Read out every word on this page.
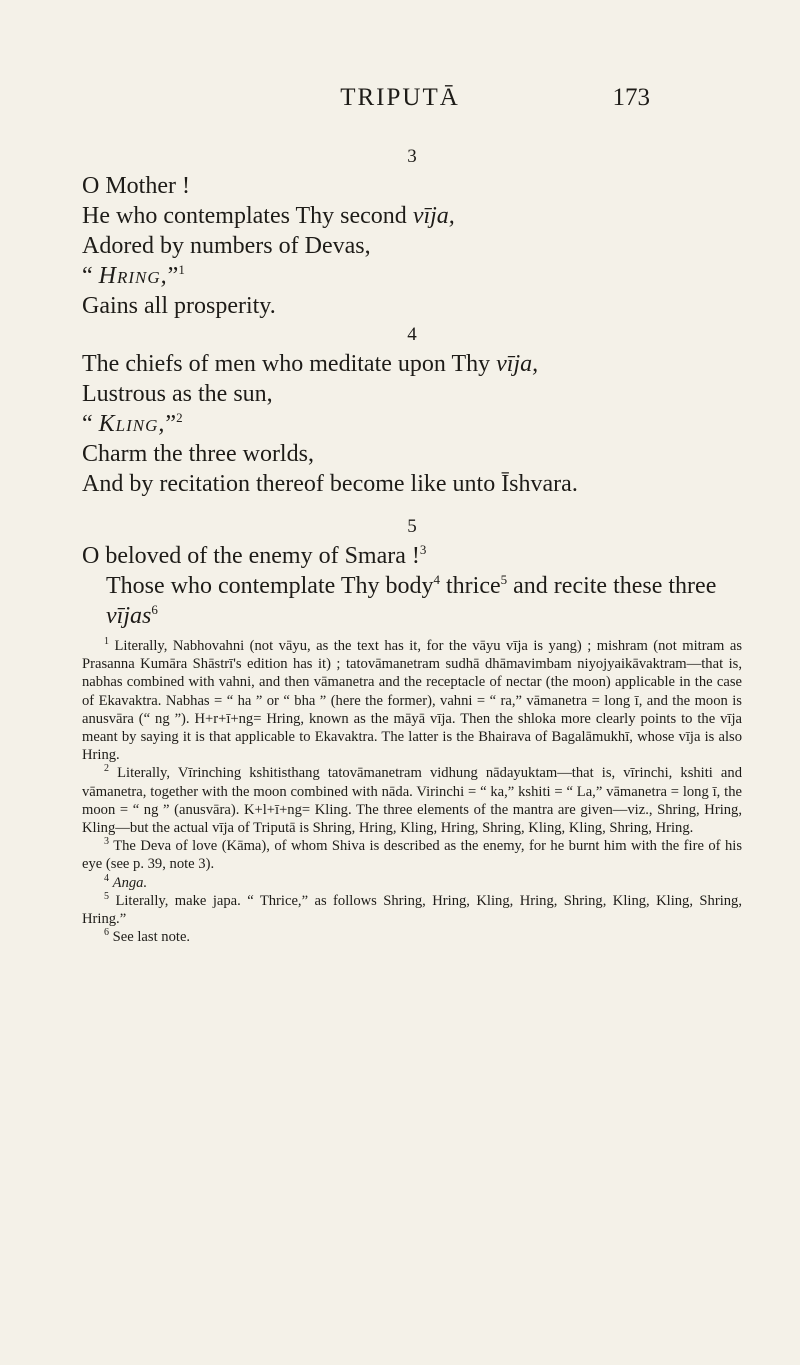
TRIPUTĀ	173
3
O Mother !
He who contemplates Thy second vīja,
Adored by numbers of Devas,
“ Hring,”$^1$
Gains all prosperity.
4
The chiefs of men who meditate upon Thy vīja,
Lustrous as the sun,
“ Kling,”$^2$
Charm the three worlds,
And by recitation thereof become like unto Īshvara.
5
O beloved of the enemy of Smara !$^3$
Those who contemplate Thy body$^4$ thrice$^5$ and recite these three vījas$^6$

$^1$ Literally, Nabhovahni (not vāyu, as the text has it, for the vāyu vīja is yang) ; mishram (not mitram as Prasanna Kumāra Shāstrī's edition has it) ; tatovāmanetram sudhā dhāmavimbam niyojyaikāvaktram—that is, nabhas combined with vahni, and then vāmanetra and the receptacle of nectar (the moon) applicable in the case of Ekavaktra. Nabhas = “ ha ” or “ bha ” (here the former), vahni = “ ra,” vāmanetra = long ī, and the moon is anusvāra (“ ng ”). H+r+ī+ng= Hring, known as the māyā vīja. Then the shloka more clearly points to the vīja meant by saying it is that applicable to Ekavaktra. The latter is the Bhairava of Bagalāmukhī, whose vīja is also Hring.

$^2$ Literally, Vīrinching kshitisthang tatovāmanetram vidhung nādayuktam—that is, vīrinchi, kshiti and vāmanetra, together with the moon combined with nāda. Virinchi = “ ka,” kshiti = “ La,” vāmanetra = long ī, the moon = “ ng ” (anusvāra). K+l+ī+ng= Kling. The three elements of the mantra are given—viz., Shring, Hring, Kling—but the actual vīja of Triputā is Shring, Hring, Kling, Hring, Shring, Kling, Kling, Shring, Hring.

$^3$ The Deva of love (Kāma), of whom Shiva is described as the enemy, for he burnt him with the fire of his eye (see p. 39, note 3).

$^4$ Anga.

$^5$ Literally, make japa. “ Thrice,” as follows Shring, Hring, Kling, Hring, Shring, Kling, Kling, Shring, Hring.”

$^6$ See last note.
